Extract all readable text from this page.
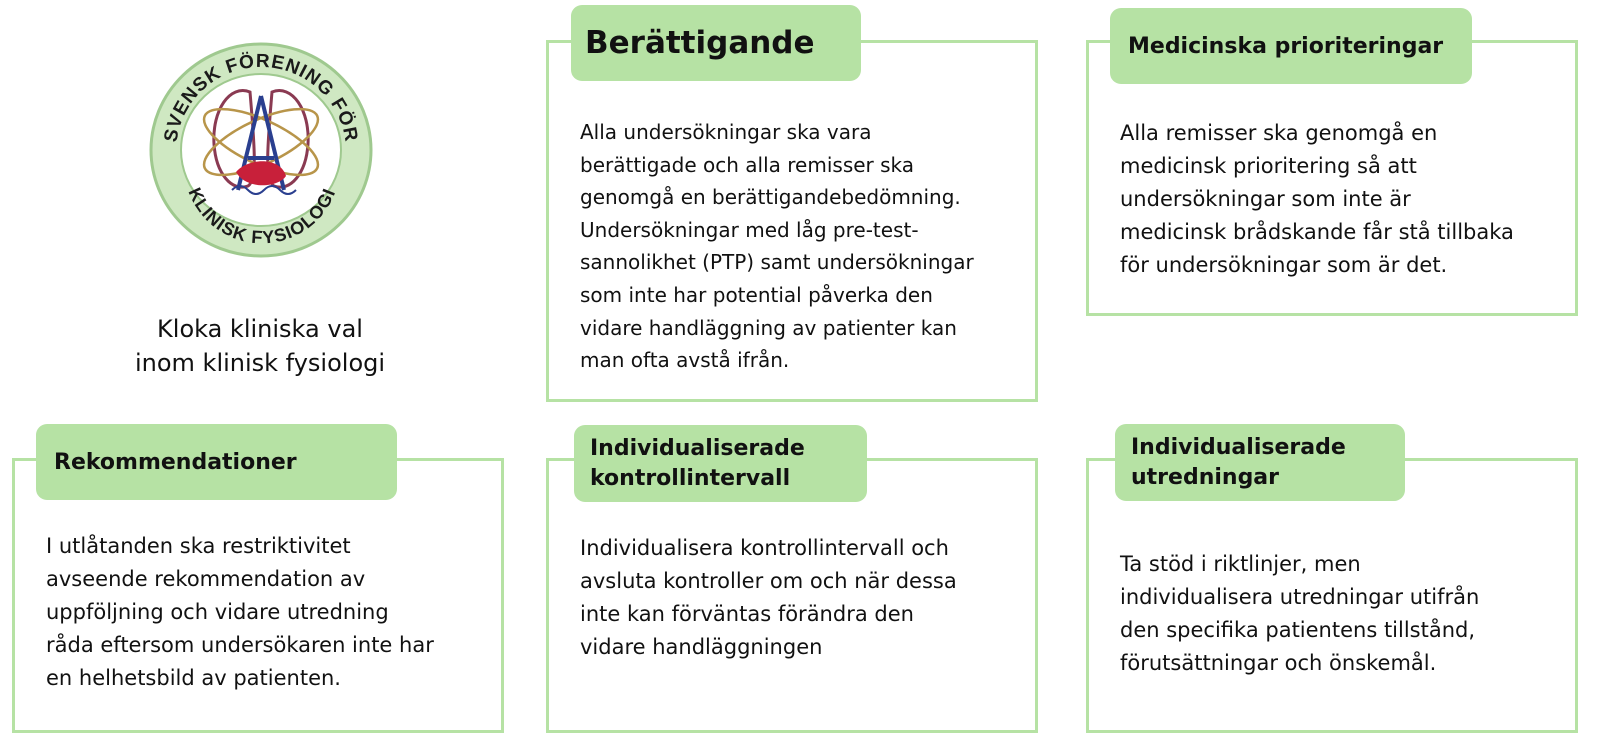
SVENSK FÖRENING FÖR
KLINISK FYSIOLOGI
Kloka kliniska val
inom klinisk fysiologi
Berättigande
Alla undersökningar ska vara
berättigade och alla remisser ska
genomgå en berättigandebedömning.
Undersökningar med låg pre-test-
sannolikhet (PTP) samt undersökningar
som inte har potential påverka den
vidare handläggning av patienter kan
man ofta avstå ifrån.
Medicinska prioriteringar
Alla remisser ska genomgå en
medicinsk prioritering så att
undersökningar som inte är
medicinsk brådskande får stå tillbaka
för undersökningar som är det.
Rekommendationer
I utlåtanden ska restriktivitet
avseende rekommendation av
uppföljning och vidare utredning
råda eftersom undersökaren inte har
en helhetsbild av patienten.
Individualiserade
kontrollintervall
Individualisera kontrollintervall och
avsluta kontroller om och när dessa
inte kan förväntas förändra den
vidare handläggningen
Individualiserade
utredningar
Ta stöd i riktlinjer, men
individualisera utredningar utifrån
den specifika patientens tillstånd,
förutsättningar och önskemål.
